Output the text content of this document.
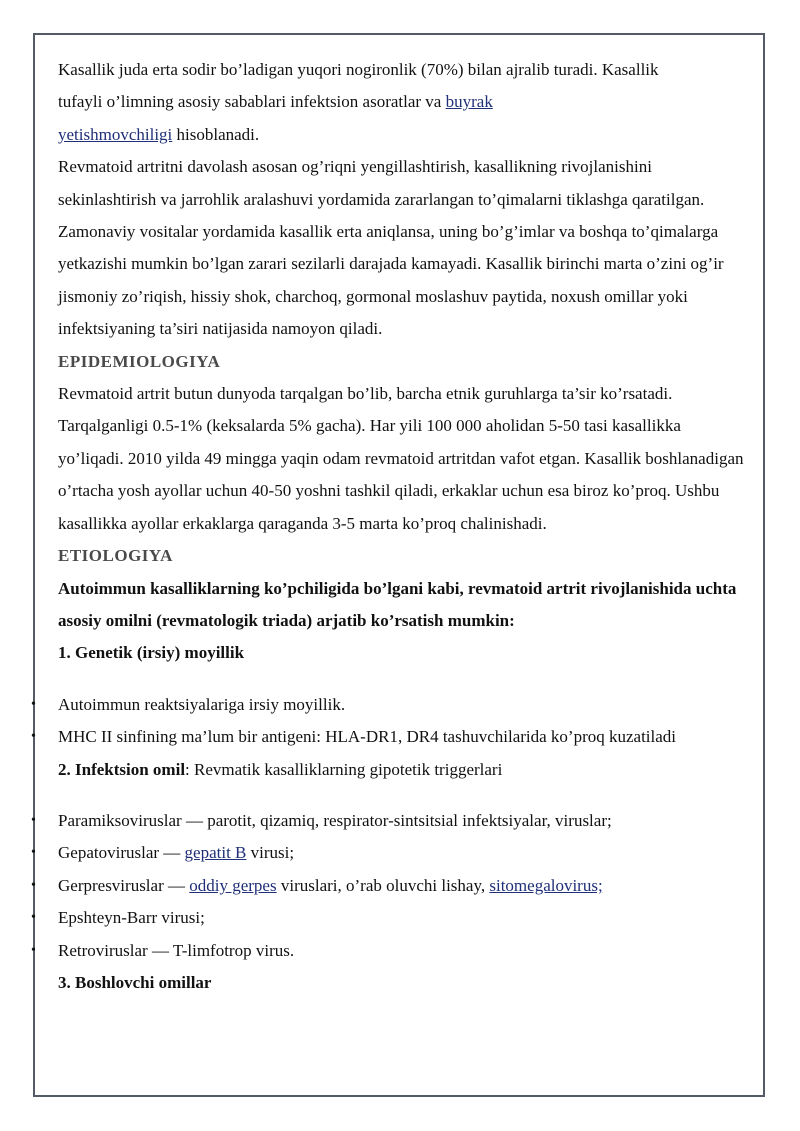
Kasallik juda erta sodir bo’ladigan yuqori nogironlik (70%) bilan ajralib turadi. Kasallik
tufayli o’limning asosiy sabablari infektsion asoratlar va buyrak
yetishmovchiligi hisoblanadi.

Revmatoid artritni davolash asosan og’riqni yengillashtirish, kasallikning rivojlanishini sekinlashtirish va jarrohlik aralashuvi yordamida zararlangan to’qimalarni tiklashga qaratilgan. Zamonaviy vositalar yordamida kasallik erta aniqlansa, uning bo’g’imlar va boshqa to’qimalarga yetkazishi mumkin bo’lgan zarari sezilarli darajada kamayadi. Kasallik birinchi marta o’zini og’ir jismoniy zo’riqish, hissiy shok, charchoq, gormonal moslashuv paytida, noxush omillar yoki infektsiyaning ta’siri natijasida namoyon qiladi.

EPIDEMIOLOGIYA

Revmatoid artrit butun dunyoda tarqalgan bo’lib, barcha etnik guruhlarga ta’sir ko’rsatadi. Tarqalganligi 0.5-1% (keksalarda 5% gacha). Har yili 100 000 aholidan 5-50 tasi kasallikka yo’liqadi. 2010 yilda 49 mingga yaqin odam revmatoid artritdan vafot etgan. Kasallik boshlanadigan o’rtacha yosh ayollar uchun 40-50 yoshni tashkil qiladi, erkaklar uchun esa biroz ko’proq. Ushbu kasallikka ayollar erkaklarga qaraganda 3-5 marta ko’proq chalinishadi.

ETIOLOGIYA

Autoimmun kasalliklarning ko’pchiligida bo’lgani kabi, revmatoid artrit rivojlanishida uchta asosiy omilni (revmatologik triada) arjatib ko’rsatish mumkin:

1. Genetik (irsiy) moyillik

• Autoimmun reaktsiyalariga irsiy moyillik.
• MHC II sinfining ma’lum bir antigeni: HLA-DR1, DR4 tashuvchilarida ko’proq kuzatiladi

2. Infektsion omil: Revmatik kasalliklarning gipotetik triggerlari

• Paramiksoviruslar — parotit, qizamiq, respirator-sintsitsial infektsiyalar, viruslar;
• Gepatoviruslar — gepatit B virusi;
• Gerpresviruslar — oddiy gerpes viruslari, o’rab oluvchi lishay, sitomegalovirus;
• Epshteyn-Barr virusi;
• Retroviruslar — T-limfotrop virus.

3. Boshlovchi omillar
